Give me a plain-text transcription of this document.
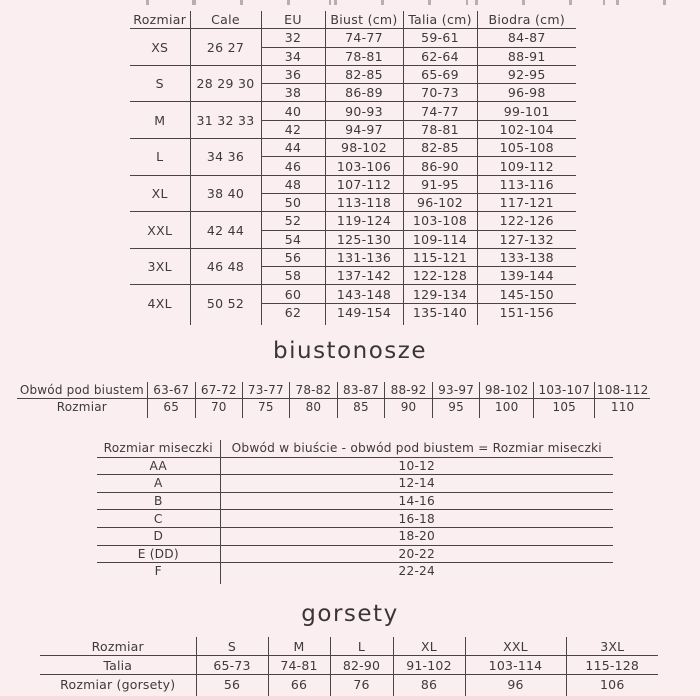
Rozmiar	Cale	EU	Biust (cm)	Talia (cm)	Biodra (cm)
XS	26 27	32	74-77	59-61	84-87
		34	78-81	62-64	88-91
S	28 29 30	36	82-85	65-69	92-95
		38	86-89	70-73	96-98
M	31 32 33	40	90-93	74-77	99-101
		42	94-97	78-81	102-104
L	34 36	44	98-102	82-85	105-108
		46	103-106	86-90	109-112
XL	38 40	48	107-112	91-95	113-116
		50	113-118	96-102	117-121
XXL	42 44	52	119-124	103-108	122-126
		54	125-130	109-114	127-132
3XL	46 48	56	131-136	115-121	133-138
		58	137-142	122-128	139-144
4XL	50 52	60	143-148	129-134	145-150
		62	149-154	135-140	151-156

biustonosze
Obwód pod biustem	63-67	67-72	73-77	78-82	83-87	88-92	93-97	98-102	103-107	108-112
Rozmiar	65	70	75	80	85	90	95	100	105	110

Rozmiar miseczki	Obwód w biuście - obwód pod biustem = Rozmiar miseczki
AA	10-12
A	12-14
B	14-16
C	16-18
D	18-20
E (DD)	20-22
F	22-24

gorsety
Rozmiar	S	M	L	XL	XXL	3XL
Talia	65-73	74-81	82-90	91-102	103-114	115-128
Rozmiar (gorsety)	56	66	76	86	96	106
